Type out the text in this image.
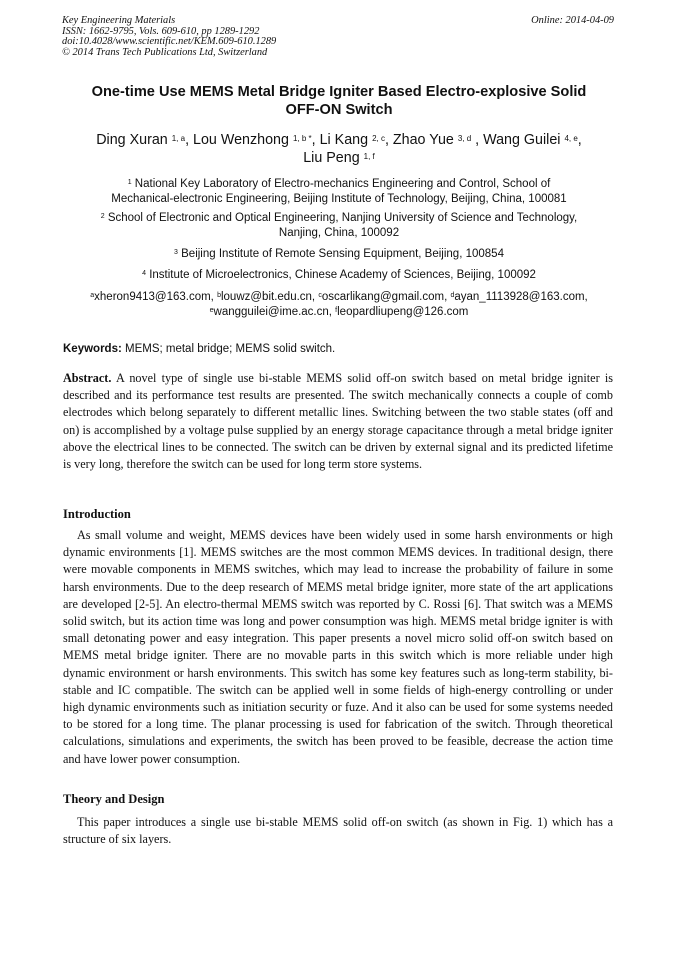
Key Engineering Materials
ISSN: 1662-9795, Vols. 609-610, pp 1289-1292
doi:10.4028/www.scientific.net/KEM.609-610.1289
© 2014 Trans Tech Publications Ltd, Switzerland
Online: 2014-04-09
One-time Use MEMS Metal Bridge Igniter Based Electro-explosive Solid
OFF-ON Switch
Ding Xuran $^{1, a}$, Lou Wenzhong $^{1, b *}$, Li Kang $^{2, c}$, Zhao Yue $^{3, d}$ , Wang Guilei $^{4, e}$,
Liu Peng $^{1, f}$
$^1$ National Key Laboratory of Electro-mechanics Engineering and Control, School of
Mechanical-electronic Engineering, Beijing Institute of Technology, Beijing, China, 100081
$^2$ School of Electronic and Optical Engineering, Nanjing University of Science and Technology,
Nanjing, China, 100092
$^3$ Beijing Institute of Remote Sensing Equipment, Beijing, 100854
$^4$ Institute of Microelectronics, Chinese Academy of Sciences, Beijing, 100092
$^a$xheron9413@163.com, $^b$louwz@bit.edu.cn, $^c$oscarlikang@gmail.com, $^d$ayan_1113928@163.com,
$^e$wangguilei@ime.ac.cn, $^f$leopardliupeng@126.com
Keywords: MEMS; metal bridge; MEMS solid switch.
Abstract. A novel type of single use bi-stable MEMS solid off-on switch based on metal bridge igniter is described and its performance test results are presented. The switch mechanically connects a couple of comb electrodes which belong separately to different metallic lines. Switching between the two stable states (off and on) is accomplished by a voltage pulse supplied by an energy storage capacitance through a metal bridge igniter above the electrical lines to be connected. The switch can be driven by external signal and its predicted lifetime is very long, therefore the switch can be used for long term store systems.
Introduction
As small volume and weight, MEMS devices have been widely used in some harsh environments or high dynamic environments [1]. MEMS switches are the most common MEMS devices. In traditional design, there were movable components in MEMS switches, which may lead to increase the probability of failure in some harsh environments. Due to the deep research of MEMS metal bridge igniter, more state of the art applications are developed [2-5]. An electro-thermal MEMS switch was reported by C. Rossi [6]. That switch was a MEMS solid switch, but its action time was long and power consumption was high. MEMS metal bridge igniter is with small detonating power and easy integration. This paper presents a novel micro solid off-on switch based on MEMS metal bridge igniter. There are no movable parts in this switch which is more reliable under high dynamic environment or harsh environments. This switch has some key features such as long-term stability, bi-stable and IC compatible. The switch can be applied well in some fields of high-energy controlling or under high dynamic environments such as initiation security or fuze. And it also can be used for some systems needed to be stored for a long time. The planar processing is used for fabrication of the switch. Through theoretical calculations, simulations and experiments, the switch has been proved to be feasible, decrease the action time and have lower power consumption.
Theory and Design
This paper introduces a single use bi-stable MEMS solid off-on switch (as shown in Fig. 1) which has a structure of six layers.
